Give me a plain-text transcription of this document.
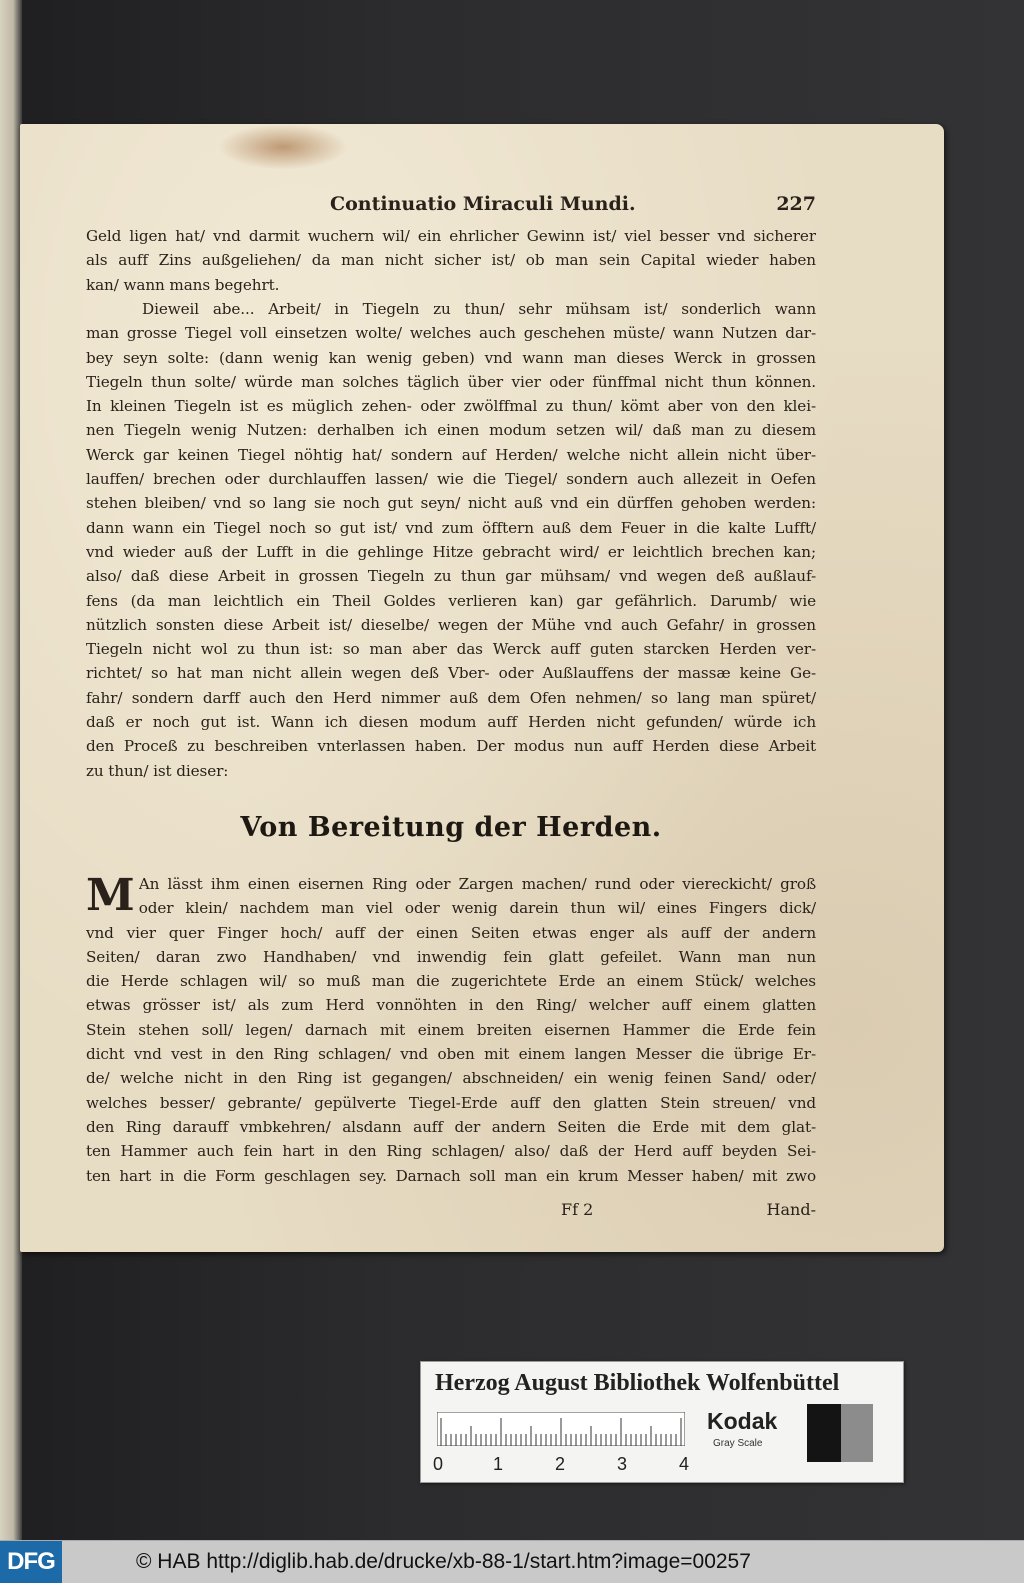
Continuatio Miraculi Mundi.	227
Geld ligen hat/ vnd darmit wuchern wil/ ein ehrlicher Gewinn ist/ viel besser vnd sicherer
als auff Zins außgeliehen/ da man nicht sicher ist/ ob man sein Capital wieder haben
kan/ wann mans begehrt.
Dieweil abe... Arbeit/ in Tiegeln zu thun/ sehr mühsam ist/ sonderlich wann
man grosse Tiegel voll einsetzen wolte/ welches auch geschehen müste/ wann Nutzen dar-
bey seyn solte: (dann wenig kan wenig geben) vnd wann man dieses Werck in grossen
Tiegeln thun solte/ würde man solches täglich über vier oder fünffmal nicht thun können.
In kleinen Tiegeln ist es müglich zehen- oder zwölffmal zu thun/ kömt aber von den klei-
nen Tiegeln wenig Nutzen: derhalben ich einen modum setzen wil/ daß man zu diesem
Werck gar keinen Tiegel nöhtig hat/ sondern auf Herden/ welche nicht allein nicht über-
lauffen/ brechen oder durchlauffen lassen/ wie die Tiegel/ sondern auch allezeit in Oefen
stehen bleiben/ vnd so lang sie noch gut seyn/ nicht auß vnd ein dürffen gehoben werden:
dann wann ein Tiegel noch so gut ist/ vnd zum öfftern auß dem Feuer in die kalte Lufft/
vnd wieder auß der Lufft in die gehlinge Hitze gebracht wird/ er leichtlich brechen kan;
also/ daß diese Arbeit in grossen Tiegeln zu thun gar mühsam/ vnd wegen deß außlauf-
fens (da man leichtlich ein Theil Goldes verlieren kan) gar gefährlich. Darumb/ wie
nützlich sonsten diese Arbeit ist/ dieselbe/ wegen der Mühe vnd auch Gefahr/ in grossen
Tiegeln nicht wol zu thun ist: so man aber das Werck auff guten starcken Herden ver-
richtet/ so hat man nicht allein wegen deß Vber- oder Außlauffens der massæ keine Ge-
fahr/ sondern darff auch den Herd nimmer auß dem Ofen nehmen/ so lang man spüret/
daß er noch gut ist. Wann ich diesen modum auff Herden nicht gefunden/ würde ich
den Proceß zu beschreiben vnterlassen haben. Der modus nun auff Herden diese Arbeit
zu thun/ ist dieser:
Von Bereitung der Herden.
M An lässt ihm einen eisernen Ring oder Zargen machen/ rund oder viereckicht/ groß
oder klein/ nachdem man viel oder wenig darein thun wil/ eines Fingers dick/
vnd vier quer Finger hoch/ auff der einen Seiten etwas enger als auff der andern
Seiten/ daran zwo Handhaben/ vnd inwendig fein glatt gefeilet. Wann man nun
die Herde schlagen wil/ so muß man die zugerichtete Erde an einem Stück/ welches
etwas grösser ist/ als zum Herd vonnöhten in den Ring/ welcher auff einem glatten
Stein stehen soll/ legen/ darnach mit einem breiten eisernen Hammer die Erde fein
dicht vnd vest in den Ring schlagen/ vnd oben mit einem langen Messer die übrige Er-
de/ welche nicht in den Ring ist gegangen/ abschneiden/ ein wenig feinen Sand/ oder/
welches besser/ gebrante/ gepülverte Tiegel-Erde auff den glatten Stein streuen/ vnd
den Ring darauff vmbkehren/ alsdann auff der andern Seiten die Erde mit dem glat-
ten Hammer auch fein hart in den Ring schlagen/ also/ daß der Herd auff beyden Sei-
ten hart in die Form geschlagen sey. Darnach soll man ein krum Messer haben/ mit zwo
Ff 2	Hand-
Herzog August Bibliothek Wolfenbüttel
0	1	2	3	4
Kodak
Gray Scale
DFG	© HAB http://diglib.hab.de/drucke/xb-88-1/start.htm?image=00257
